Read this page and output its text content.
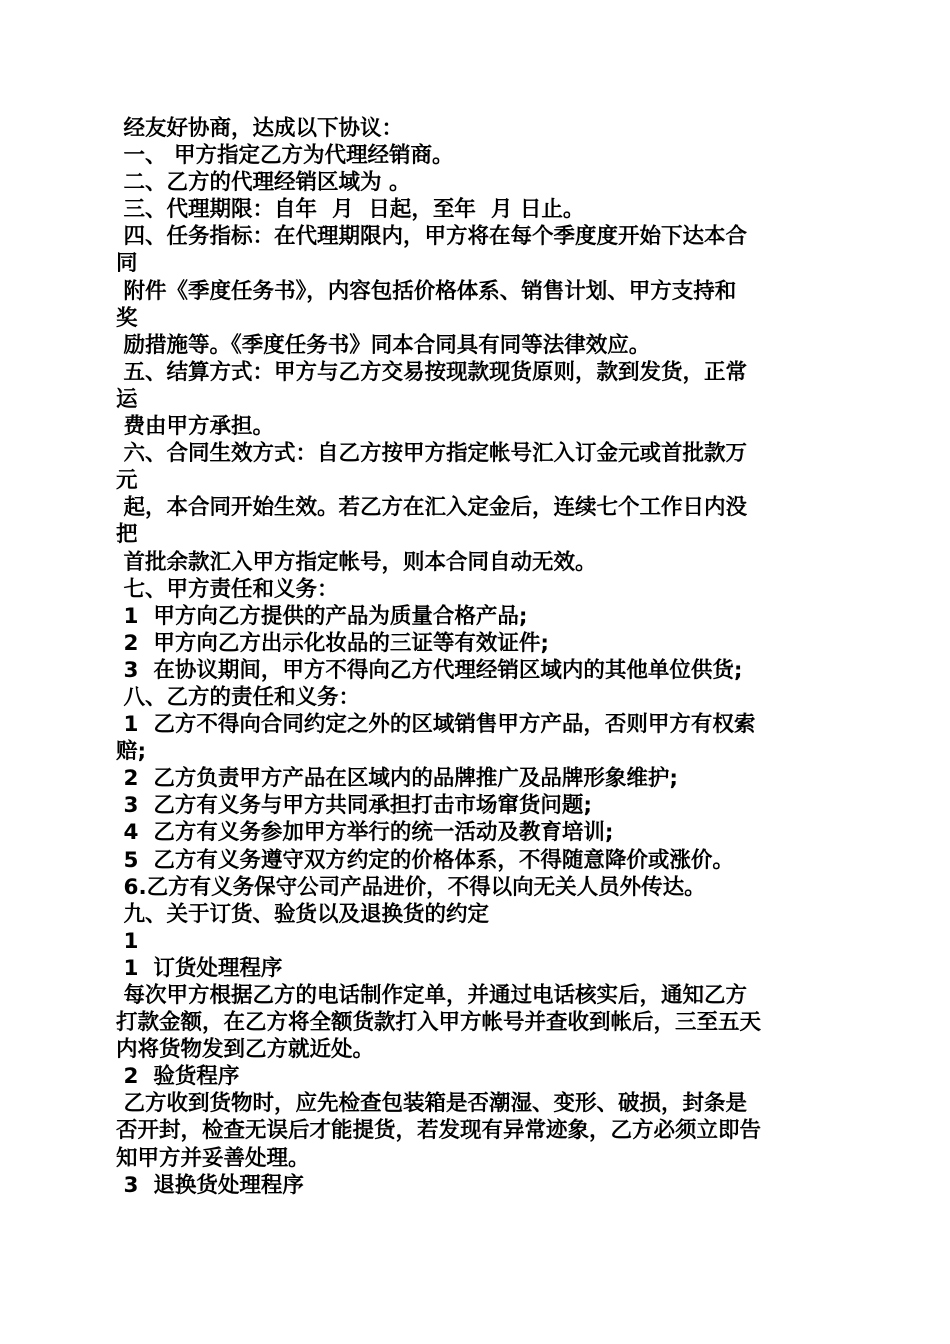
经友好协商，达成以下协议：
一、 甲方指定乙方为代理经销商。
二、乙方的代理经销区域为 。
三、代理期限：自年  月  日起，至年  月 日止。
四、任务指标：在代理期限内，甲方将在每个季度度开始下达本合
同
附件《季度任务书》，内容包括价格体系、销售计划、甲方支持和
奖
励措施等。《季度任务书》同本合同具有同等法律效应。
五、结算方式：甲方与乙方交易按现款现货原则，款到发货，正常
运
费由甲方承担。
六、合同生效方式：自乙方按甲方指定帐号汇入订金元或首批款万
元
起，本合同开始生效。若乙方在汇入定金后，连续七个工作日内没
把
首批余款汇入甲方指定帐号，则本合同自动无效。
七、甲方责任和义务：
1  甲方向乙方提供的产品为质量合格产品;
2  甲方向乙方出示化妆品的三证等有效证件;
3  在协议期间，甲方不得向乙方代理经销区域内的其他单位供货;
八、乙方的责任和义务：
1  乙方不得向合同约定之外的区域销售甲方产品，否则甲方有权索
赔;
2  乙方负责甲方产品在区域内的品牌推广及品牌形象维护;
3  乙方有义务与甲方共同承担打击市场窜货问题;
4  乙方有义务参加甲方举行的统一活动及教育培训;
5  乙方有义务遵守双方约定的价格体系，不得随意降价或涨价。
6.乙方有义务保守公司产品进价，不得以向无关人员外传达。
九、关于订货、验货以及退换货的约定
1
1  订货处理程序
每次甲方根据乙方的电话制作定单，并通过电话核实后，通知乙方
打款金额，在乙方将全额货款打入甲方帐号并查收到帐后，三至五天
内将货物发到乙方就近处。
2  验货程序
乙方收到货物时，应先检查包装箱是否潮湿、变形、破损，封条是
否开封，检查无误后才能提货，若发现有异常迹象，乙方必须立即告
知甲方并妥善处理。
3  退换货处理程序
